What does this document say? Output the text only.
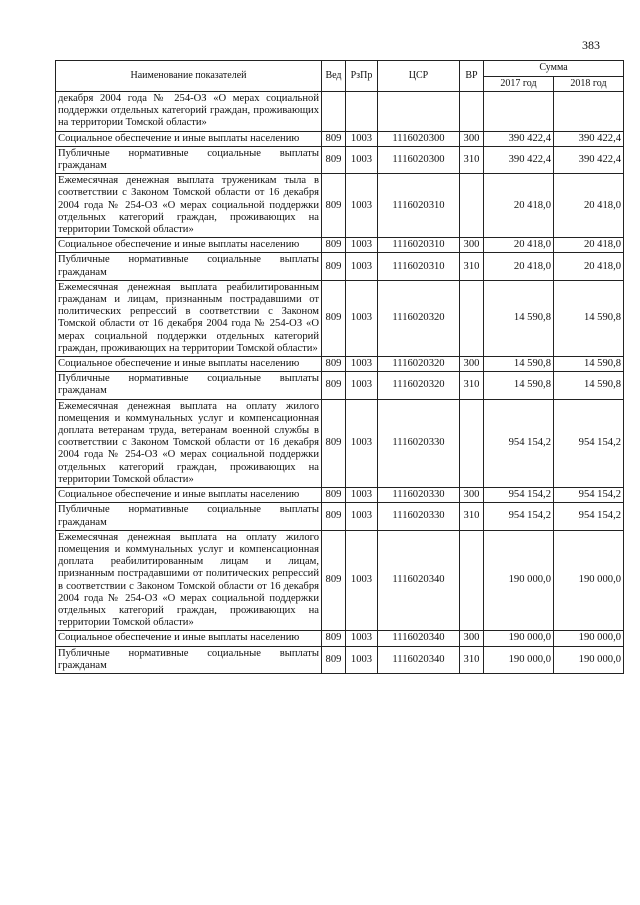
383
Наименование показателей	Вед	РзПр	ЦСР	ВР	Сумма	
					2017 год	2018 год
декабря 2004 года № 254-ОЗ «О мерах социальной поддержки отдельных категорий граждан, проживающих на территории Томской области»						
Социальное обеспечение и иные выплаты населению	809	1003	1116020300	300	390 422,4	390 422,4
Публичные нормативные социальные выплаты гражданам	809	1003	1116020300	310	390 422,4	390 422,4
Ежемесячная денежная выплата труженикам тыла в соответствии с Законом Томской области от 16 декабря 2004 года № 254-ОЗ «О мерах социальной поддержки отдельных категорий граждан, проживающих на территории Томской области»	809	1003	1116020310		20 418,0	20 418,0
Социальное обеспечение и иные выплаты населению	809	1003	1116020310	300	20 418,0	20 418,0
Публичные нормативные социальные выплаты гражданам	809	1003	1116020310	310	20 418,0	20 418,0
Ежемесячная денежная выплата реабилитированным гражданам и лицам, признанным пострадавшими от политических репрессий в соответствии с Законом Томской области от 16 декабря 2004 года № 254-ОЗ «О мерах социальной поддержки отдельных категорий граждан, проживающих на территории Томской области»	809	1003	1116020320		14 590,8	14 590,8
Социальное обеспечение и иные выплаты населению	809	1003	1116020320	300	14 590,8	14 590,8
Публичные нормативные социальные выплаты гражданам	809	1003	1116020320	310	14 590,8	14 590,8
Ежемесячная денежная выплата на оплату жилого помещения и коммунальных услуг и компенсационная доплата ветеранам труда, ветеранам военной службы в соответствии с Законом Томской области от 16 декабря 2004 года № 254-ОЗ «О мерах социальной поддержки отдельных категорий граждан, проживающих на территории Томской области»	809	1003	1116020330		954 154,2	954 154,2
Социальное обеспечение и иные выплаты населению	809	1003	1116020330	300	954 154,2	954 154,2
Публичные нормативные социальные выплаты гражданам	809	1003	1116020330	310	954 154,2	954 154,2
Ежемесячная денежная выплата на оплату жилого помещения и коммунальных услуг и компенсационная доплата реабилитированным лицам и лицам, признанным пострадавшими от политических репрессий в соответствии с Законом Томской области от 16 декабря 2004 года № 254-ОЗ «О мерах социальной поддержки отдельных категорий граждан, проживающих на территории Томской области»	809	1003	1116020340		190 000,0	190 000,0
Социальное обеспечение и иные выплаты населению	809	1003	1116020340	300	190 000,0	190 000,0
Публичные нормативные социальные выплаты гражданам	809	1003	1116020340	310	190 000,0	190 000,0
